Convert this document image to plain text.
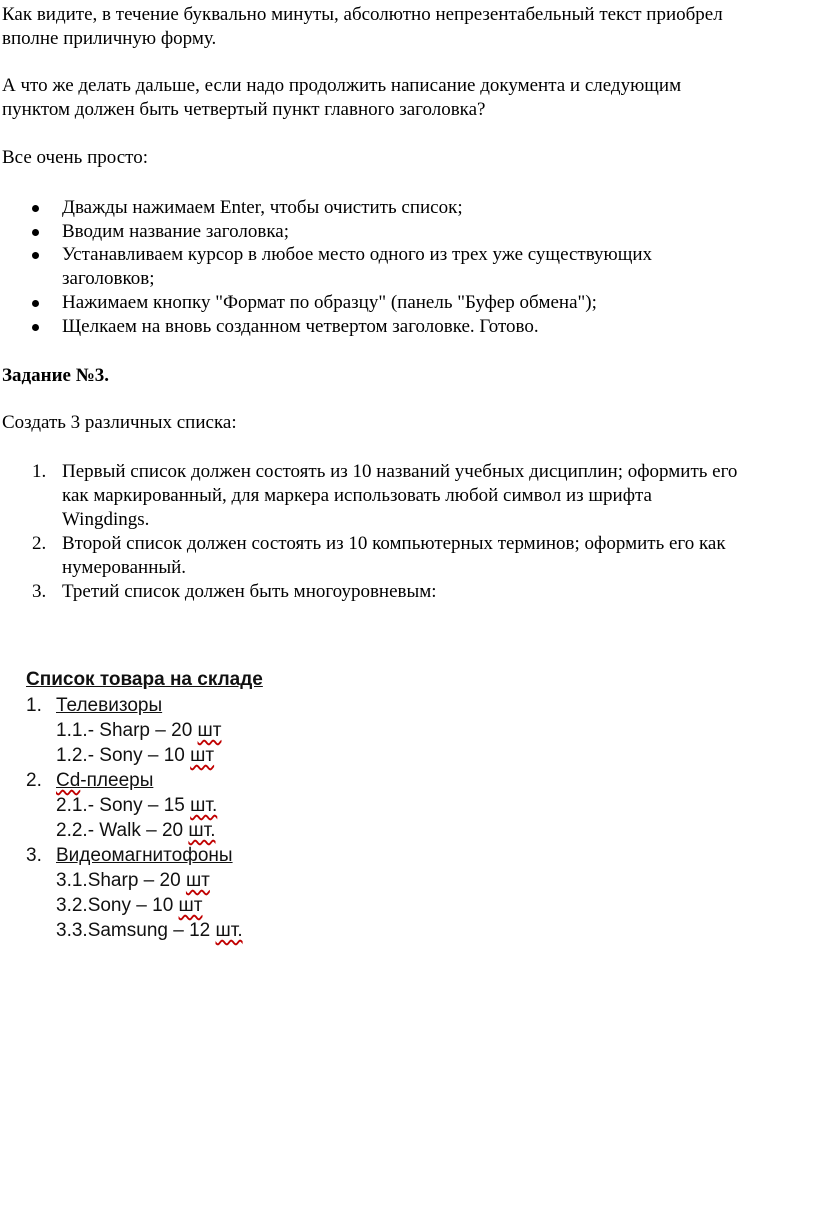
Как видите, в течение буквально минуты, абсолютно непрезентабельный текст приобрел
вполне приличную форму.

А что же делать дальше, если надо продолжить написание документа и следующим
пунктом должен быть четвертый пункт главного заголовка?

Все очень просто:

Дважды нажимаем Enter, чтобы очистить список;
Вводим название заголовка;
Устанавливаем курсор в любое место одного из трех уже существующих
заголовков;
Нажимаем кнопку "Формат по образцу" (панель "Буфер обмена");
Щелкаем на вновь созданном четвертом заголовке. Готово.

Задание №3.

Создать 3 различных списка:

1. Первый список должен состоять из 10 названий учебных дисциплин; оформить его
как маркированный, для маркера использовать любой символ из шрифта
Wingdings.
2. Второй список должен состоять из 10 компьютерных терминов; оформить его как
нумерованный.
3. Третий список должен быть многоуровневым:
Список товара на складе
1. Телевизоры
1.1.- Sharp – 20 шт
1.2.- Sony – 10 шт
2. Cd-плееры
2.1.- Sony – 15 шт.
2.2.- Walk – 20 шт.
3. Видеомагнитофоны
3.1.Sharp – 20 шт
3.2.Sony – 10 шт
3.3.Samsung – 12 шт.
